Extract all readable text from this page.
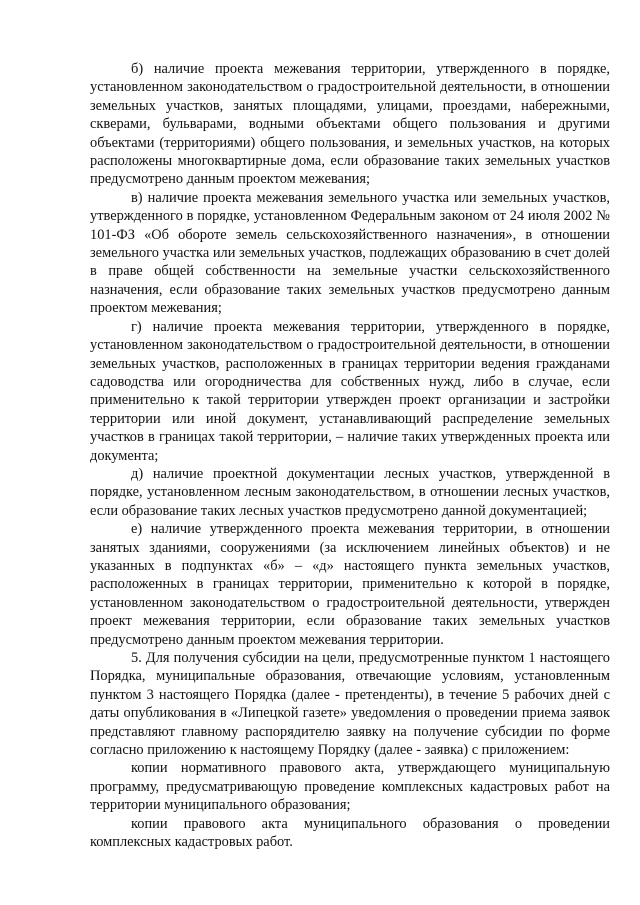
б) наличие проекта межевания территории, утвержденного в порядке, установленном законодательством о градостроительной деятельности, в отношении земельных участков, занятых площадями, улицами, проездами, набережными, скверами, бульварами, водными объектами общего пользования и другими объектами (территориями) общего пользования, и земельных участков, на которых расположены многоквартирные дома, если образование таких земельных участков предусмотрено данным проектом межевания;

в) наличие проекта межевания земельного участка или земельных участков, утвержденного в порядке, установленном Федеральным законом от 24 июля 2002 № 101-ФЗ «Об обороте земель сельскохозяйственного назначения», в отношении земельного участка или земельных участков, подлежащих образованию в счет долей в праве общей собственности на земельные участки сельскохозяйственного назначения, если образование таких земельных участков предусмотрено данным проектом межевания;

г) наличие проекта межевания территории, утвержденного в порядке, установленном законодательством о градостроительной деятельности, в отношении земельных участков, расположенных в границах территории ведения гражданами садоводства или огородничества для собственных нужд, либо в случае, если применительно к такой территории утвержден проект организации и застройки территории или иной документ, устанавливающий распределение земельных участков в границах такой территории, – наличие таких утвержденных проекта или документа;

д) наличие проектной документации лесных участков, утвержденной в порядке, установленном лесным законодательством, в отношении лесных участков, если образование таких лесных участков предусмотрено данной документацией;

е) наличие утвержденного проекта межевания территории, в отношении занятых зданиями, сооружениями (за исключением линейных объектов) и не указанных в подпунктах «б» – «д» настоящего пункта земельных участков, расположенных в границах территории, применительно к которой в порядке, установленном законодательством о градостроительной деятельности, утвержден проект межевания территории, если образование таких земельных участков предусмотрено данным проектом межевания территории.

5. Для получения субсидии на цели, предусмотренные пунктом 1 настоящего Порядка, муниципальные образования, отвечающие условиям, установленным пунктом 3 настоящего Порядка (далее - претенденты), в течение 5 рабочих дней с даты опубликования в «Липецкой газете» уведомления о проведении приема заявок представляют главному распорядителю заявку на получение субсидии по форме согласно приложению к настоящему Порядку (далее - заявка) с приложением:

копии нормативного правового акта, утверждающего муниципальную программу, предусматривающую проведение комплексных кадастровых работ на территории муниципального образования;

копии правового акта муниципального образования о проведении комплексных кадастровых работ.
